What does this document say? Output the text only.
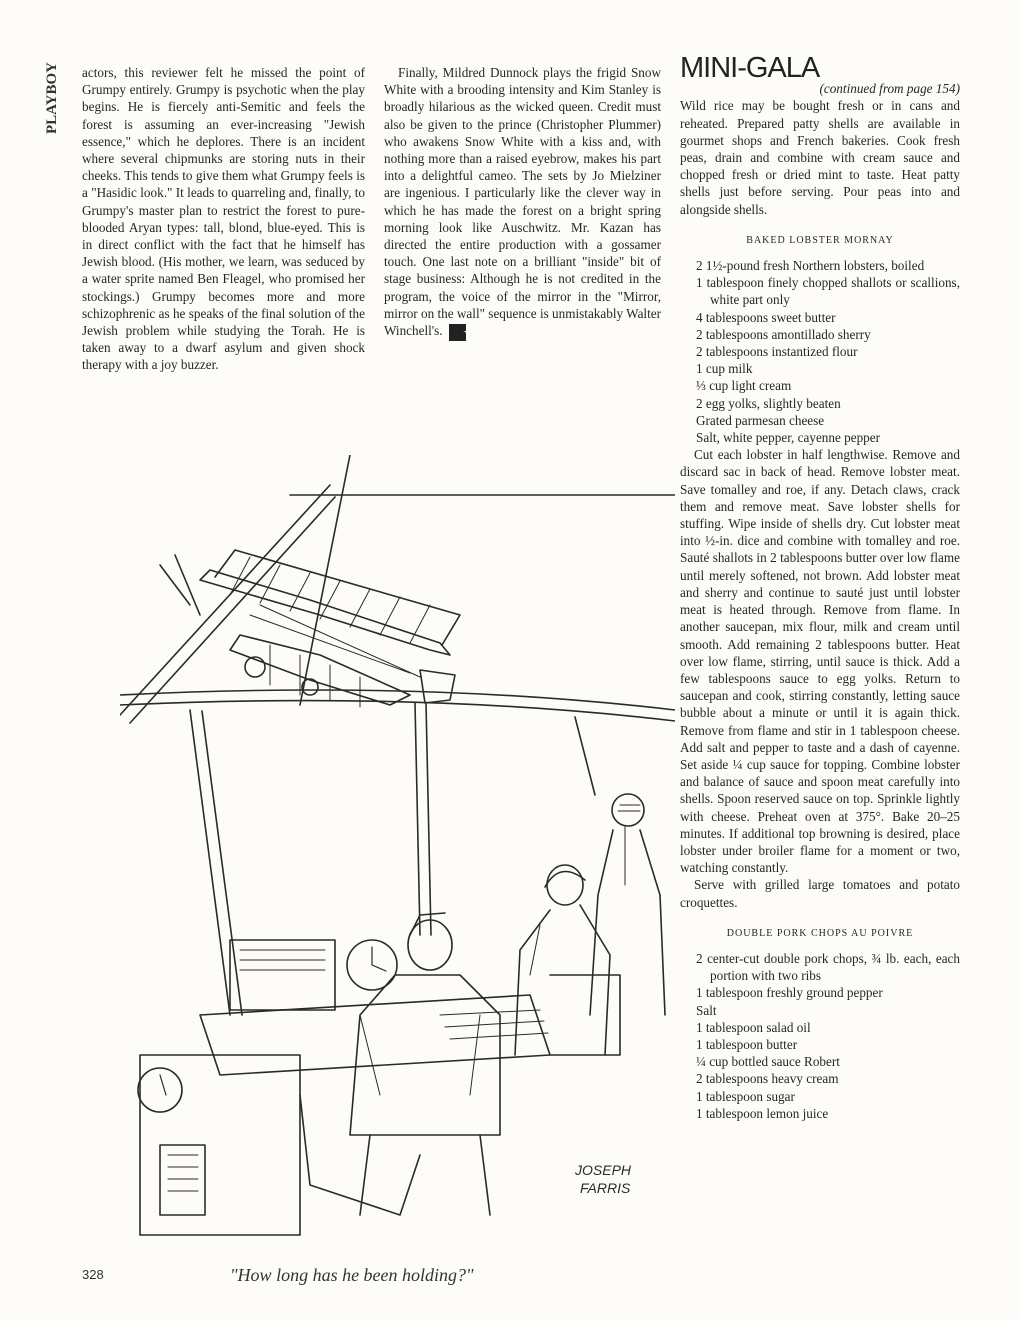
PLAYBOY	actors, this reviewer felt he missed the point of Grumpy entirely. Grumpy is psychotic when the play begins. He is fiercely anti-Semitic and feels the forest is assuming an ever-increasing "Jewish essence," which he deplores. There is an incident where several chipmunks are storing nuts in their cheeks. This tends to give them what Grumpy feels is a "Hasidic look." It leads to quarreling and, finally, to Grumpy's master plan to restrict the forest to pure-blooded Aryan types: tall, blond, blue-eyed. This is in direct conflict with the fact that he himself has Jewish blood. (His mother, we learn, was seduced by a water sprite named Ben Fleagel, who promised her stockings.) Grumpy becomes more and more schizophrenic as he speaks of the final solution of the Jewish problem while studying the Torah. He is taken away to a dwarf asylum and given shock therapy with a joy buzzer.

Finally, Mildred Dunnock plays the frigid Snow White with a brooding intensity and Kim Stanley is broadly hilarious as the wicked queen. Credit must also be given to the prince (Christopher Plummer) who awakens Snow White with a kiss and, with nothing more than a raised eyebrow, makes his part into a delightful cameo. The sets by Jo Mielziner are ingenious. I particularly like the clever way in which he has made the forest on a bright spring morning look like Auschwitz. Mr. Kazan has directed the entire production with a gossamer touch. One last note on a brilliant "inside" bit of stage business: Although he is not credited in the program, the voice of the mirror in the "Mirror, mirror on the wall" sequence is unmistakably Walter Winchell's. ✦

MINI-GALA

(continued from page 154)

Wild rice may be bought fresh or in cans and reheated. Prepared patty shells are available in gourmet shops and French bakeries. Cook fresh peas, drain and combine with cream sauce and chopped fresh or dried mint to taste. Heat patty shells just before serving. Pour peas into and alongside shells.

BAKED LOBSTER MORNAY
2 1½-pound fresh Northern lobsters, boiled
1 tablespoon finely chopped shallots or scallions, white part only
4 tablespoons sweet butter
2 tablespoons amontillado sherry
2 tablespoons instantized flour
1 cup milk
⅓ cup light cream
2 egg yolks, slightly beaten
Grated parmesan cheese
Salt, white pepper, cayenne pepper

Cut each lobster in half lengthwise. Remove and discard sac in back of head. Remove lobster meat. Save tomalley and roe, if any. Detach claws, crack them and remove meat. Save lobster shells for stuffing. Wipe inside of shells dry. Cut lobster meat into ½-in. dice and combine with tomalley and roe. Sauté shallots in 2 tablespoons butter over low flame until merely softened, not brown. Add lobster meat and sherry and continue to sauté just until lobster meat is heated through. Remove from flame. In another saucepan, mix flour, milk and cream until smooth. Add remaining 2 tablespoons butter. Heat over low flame, stirring, until sauce is thick. Add a few tablespoons sauce to egg yolks. Return to saucepan and cook, stirring constantly, letting sauce bubble about a minute or until it is again thick. Remove from flame and stir in 1 tablespoon cheese. Add salt and pepper to taste and a dash of cayenne. Set aside ¼ cup sauce for topping. Combine lobster and balance of sauce and spoon meat carefully into shells. Spoon reserved sauce on top. Sprinkle lightly with cheese. Preheat oven at 375°. Bake 20–25 minutes. If additional top browning is desired, place lobster under broiler flame for a moment or two, watching constantly.

Serve with grilled large tomatoes and potato croquettes.

DOUBLE PORK CHOPS AU POIVRE
2 center-cut double pork chops, ¾ lb. each, each portion with two ribs
1 tablespoon freshly ground pepper
Salt
1 tablespoon salad oil
1 tablespoon butter
¼ cup bottled sauce Robert
2 tablespoons heavy cream
1 tablespoon sugar
1 tablespoon lemon juice
JOSEPH
FARRIS
"How long has he been holding?"
328
